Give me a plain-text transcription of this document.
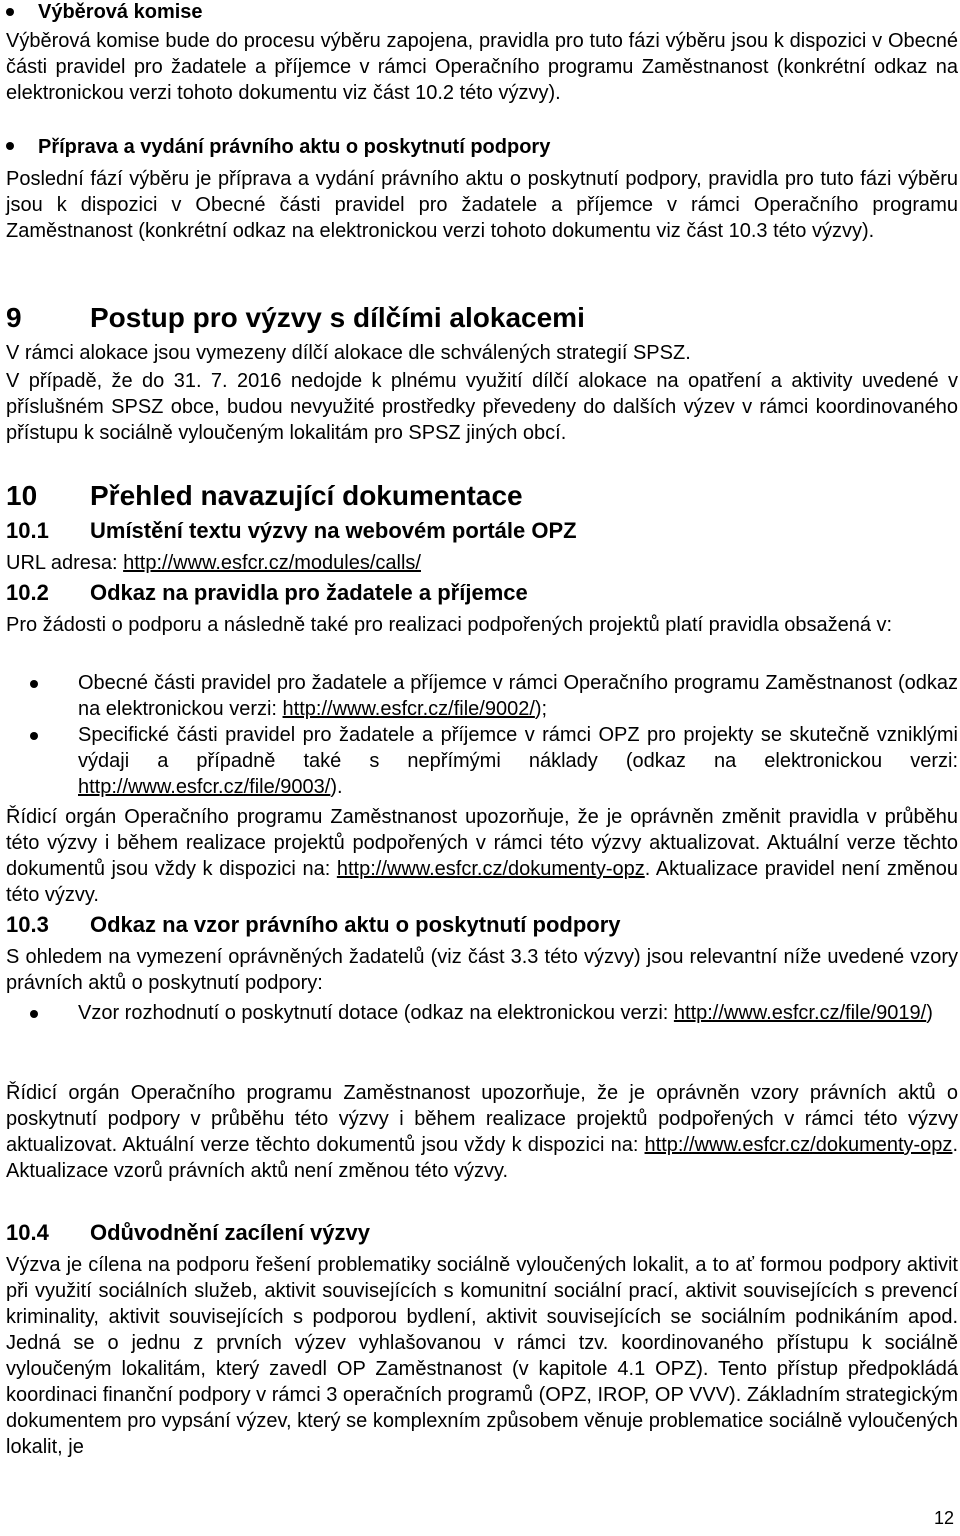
Výběrová komise

Výběrová komise bude do procesu výběru zapojena, pravidla pro tuto fázi výběru jsou k dispozici v Obecné části pravidel pro žadatele a příjemce v rámci Operačního programu Zaměstnanost (konkrétní odkaz na elektronickou verzi tohoto dokumentu viz část 10.2 této výzvy).

Příprava a vydání právního aktu o poskytnutí podpory

Poslední fází výběru je příprava a vydání právního aktu o poskytnutí podpory, pravidla pro tuto fázi výběru jsou k dispozici v Obecné části pravidel pro žadatele a příjemce v rámci Operačního programu Zaměstnanost (konkrétní odkaz na elektronickou verzi tohoto dokumentu viz část 10.3 této výzvy).

9	Postup pro výzvy s dílčími alokacemi

V rámci alokace jsou vymezeny dílčí alokace dle schválených strategií SPSZ.

V případě, že do 31. 7. 2016 nedojde k plnému využití dílčí alokace na opatření a aktivity uvedené v příslušném SPSZ obce, budou nevyužité prostředky převedeny do dalších výzev v rámci koordinovaného přístupu k sociálně vyloučeným lokalitám pro SPSZ jiných obcí.

10	Přehled navazující dokumentace
10.1	Umístění textu výzvy na webovém portále OPZ

URL adresa: http://www.esfcr.cz/modules/calls/

10.2	Odkaz na pravidla pro žadatele a příjemce

Pro žádosti o podporu a následně také pro realizaci podpořených projektů platí pravidla obsažená v:

Obecné části pravidel pro žadatele a příjemce v rámci Operačního programu Zaměstnanost (odkaz na elektronickou verzi: http://www.esfcr.cz/file/9002/);
Specifické části pravidel pro žadatele a příjemce v rámci OPZ pro projekty se skutečně vzniklými výdaji a případně také s nepřímými náklady (odkaz na elektronickou verzi: http://www.esfcr.cz/file/9003/).

Řídicí orgán Operačního programu Zaměstnanost upozorňuje, že je oprávněn změnit pravidla v průběhu této výzvy i během realizace projektů podpořených v rámci této výzvy aktualizovat. Aktuální verze těchto dokumentů jsou vždy k dispozici na: http://www.esfcr.cz/dokumenty-opz. Aktualizace pravidel není změnou této výzvy.

10.3	Odkaz na vzor právního aktu o poskytnutí podpory

S ohledem na vymezení oprávněných žadatelů (viz část 3.3 této výzvy) jsou relevantní níže uvedené vzory právních aktů o poskytnutí podpory:

Vzor rozhodnutí o poskytnutí dotace (odkaz na elektronickou verzi: http://www.esfcr.cz/file/9019/)

Řídicí orgán Operačního programu Zaměstnanost upozorňuje, že je oprávněn vzory právních aktů o poskytnutí podpory v průběhu této výzvy i během realizace projektů podpořených v rámci této výzvy aktualizovat. Aktuální verze těchto dokumentů jsou vždy k dispozici na: http://www.esfcr.cz/dokumenty-opz. Aktualizace vzorů právních aktů není změnou této výzvy.

10.4	Odůvodnění zacílení výzvy

Výzva je cílena na podporu řešení problematiky sociálně vyloučených lokalit, a to ať formou podpory aktivit při využití sociálních služeb, aktivit souvisejících s komunitní sociální prací, aktivit souvisejících s prevencí kriminality, aktivit souvisejících s podporou bydlení, aktivit souvisejících se sociálním podnikáním apod. Jedná se o jednu z prvních výzev vyhlašovanou v rámci tzv. koordinovaného přístupu k sociálně vyloučeným lokalitám, který zavedl OP Zaměstnanost (v kapitole 4.1 OPZ). Tento přístup předpokládá koordinaci finanční podpory v rámci 3 operačních programů (OPZ, IROP, OP VVV). Základním strategickým dokumentem pro vypsání výzev, který se komplexním způsobem věnuje problematice sociálně vyloučených lokalit, je

12
